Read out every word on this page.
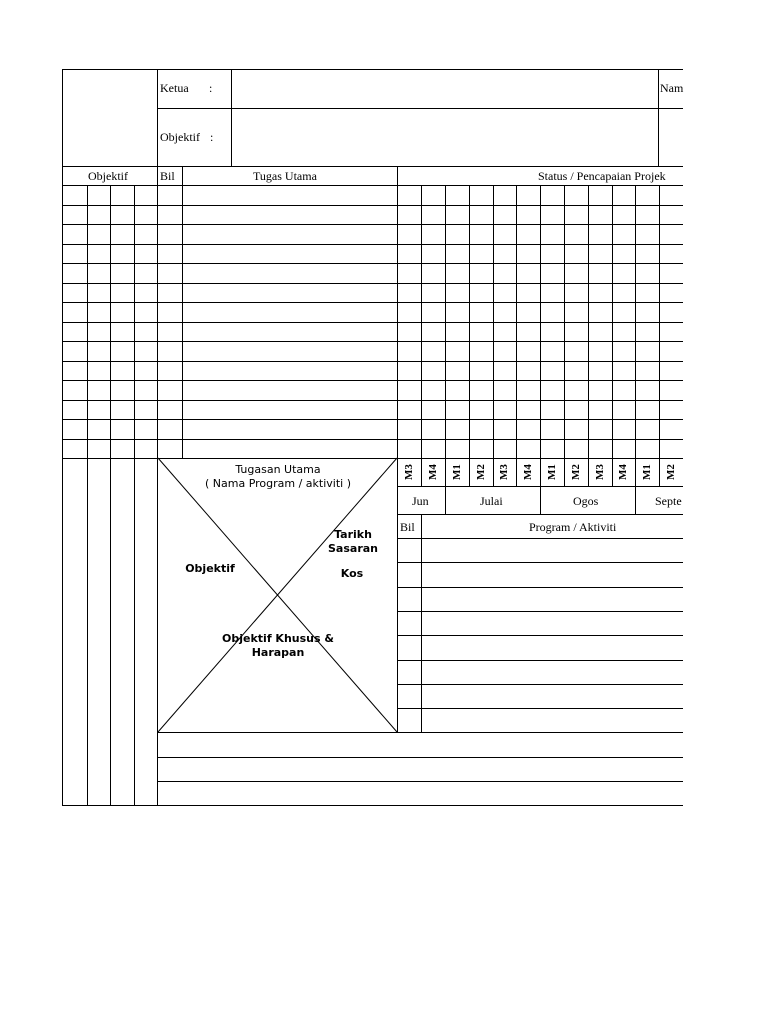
Ketua :
Objektif :
Nam
Objektif	Bil	Tugas Utama	Status / Pencapaian Projek
M3 M4 M1 M2 M3 M4 M1 M2 M3 M4 M1 M2
Jun	Julai	Ogos	Septe
Tugasan Utama
( Nama Program / aktiviti )
Objektif
Tarikh
Sasaran
Kos
Objektif Khusus &
Harapan
Bil	Program / Aktiviti
